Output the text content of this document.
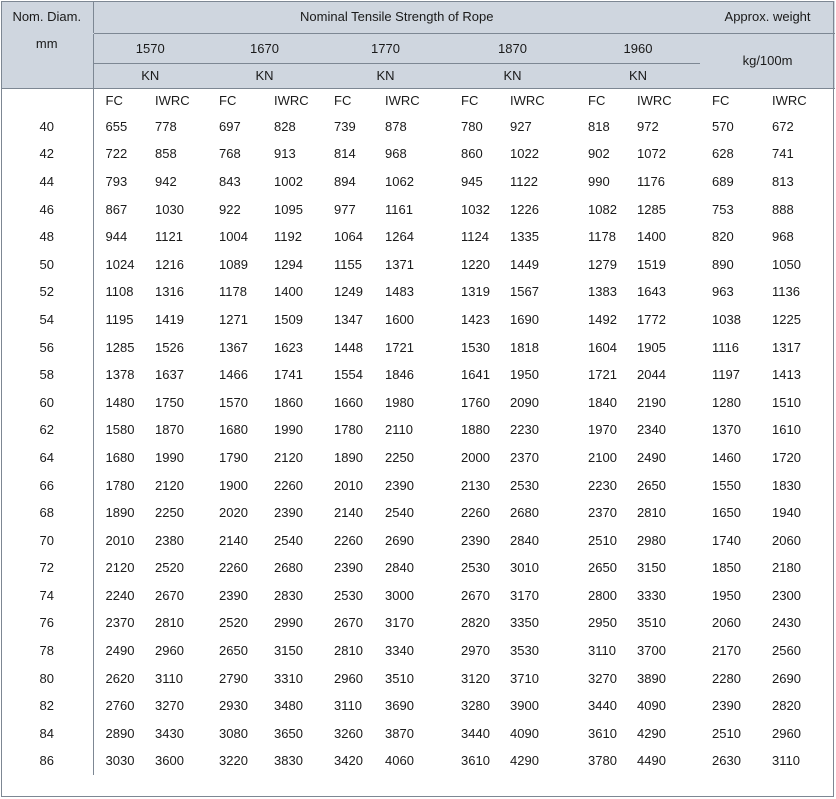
Nom. Diam.	Nominal Tensile Strength of Rope										Approx. weight	
mm	1570		1670		1770		1870		1960		kg/100m	
	KN		KN		KN		KN		KN			
	FC	IWRC	FC	IWRC	FC	IWRC	FC	IWRC	FC	IWRC	FC	IWRC
40	655	778	697	828	739	878	780	927	818	972	570	672
42	722	858	768	913	814	968	860	1022	902	1072	628	741
44	793	942	843	1002	894	1062	945	1122	990	1176	689	813
46	867	1030	922	1095	977	1161	1032	1226	1082	1285	753	888
48	944	1121	1004	1192	1064	1264	1124	1335	1178	1400	820	968
50	1024	1216	1089	1294	1155	1371	1220	1449	1279	1519	890	1050
52	1108	1316	1178	1400	1249	1483	1319	1567	1383	1643	963	1136
54	1195	1419	1271	1509	1347	1600	1423	1690	1492	1772	1038	1225
56	1285	1526	1367	1623	1448	1721	1530	1818	1604	1905	1116	1317
58	1378	1637	1466	1741	1554	1846	1641	1950	1721	2044	1197	1413
60	1480	1750	1570	1860	1660	1980	1760	2090	1840	2190	1280	1510
62	1580	1870	1680	1990	1780	2110	1880	2230	1970	2340	1370	1610
64	1680	1990	1790	2120	1890	2250	2000	2370	2100	2490	1460	1720
66	1780	2120	1900	2260	2010	2390	2130	2530	2230	2650	1550	1830
68	1890	2250	2020	2390	2140	2540	2260	2680	2370	2810	1650	1940
70	2010	2380	2140	2540	2260	2690	2390	2840	2510	2980	1740	2060
72	2120	2520	2260	2680	2390	2840	2530	3010	2650	3150	1850	2180
74	2240	2670	2390	2830	2530	3000	2670	3170	2800	3330	1950	2300
76	2370	2810	2520	2990	2670	3170	2820	3350	2950	3510	2060	2430
78	2490	2960	2650	3150	2810	3340	2970	3530	3110	3700	2170	2560
80	2620	3110	2790	3310	2960	3510	3120	3710	3270	3890	2280	2690
82	2760	3270	2930	3480	3110	3690	3280	3900	3440	4090	2390	2820
84	2890	3430	3080	3650	3260	3870	3440	4090	3610	4290	2510	2960
86	3030	3600	3220	3830	3420	4060	3610	4290	3780	4490	2630	3110
